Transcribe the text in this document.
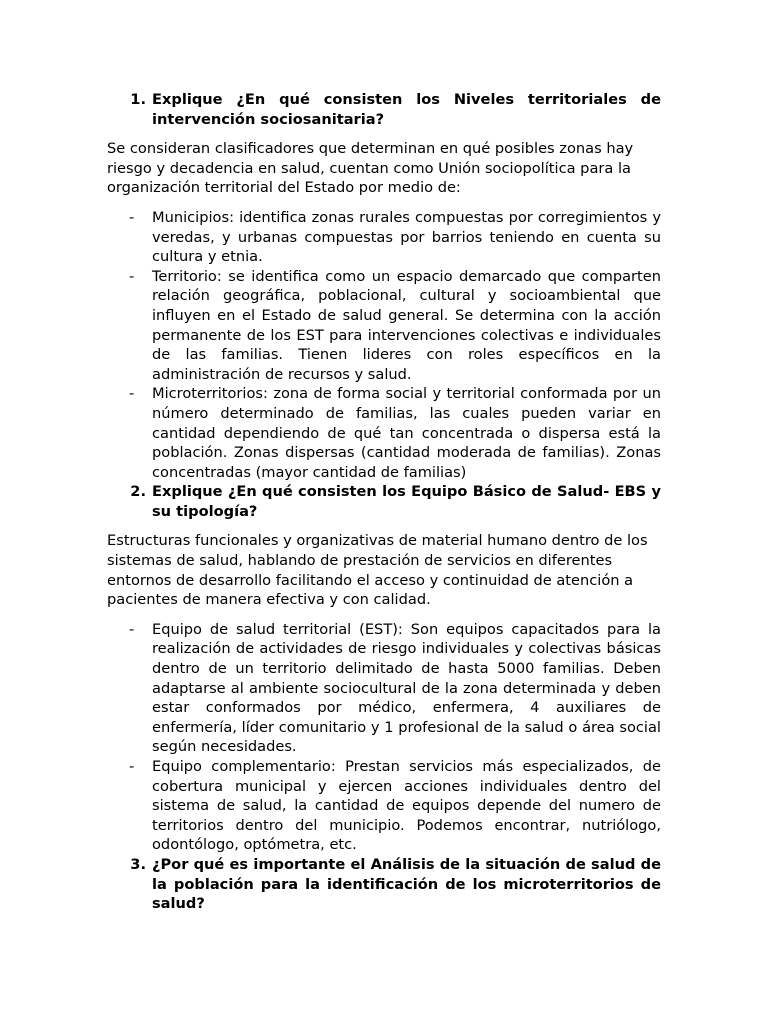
1. Explique ¿En qué consisten los Niveles territoriales de intervención sociosanitaria?

Se consideran clasificadores que determinan en qué posibles zonas hay riesgo y decadencia en salud, cuentan como Unión sociopolítica para la organización territorial del Estado por medio de:

-	Municipios: identifica zonas rurales compuestas por corregimientos y veredas, y urbanas compuestas por barrios teniendo en cuenta su cultura y etnia.
-	Territorio: se identifica como un espacio demarcado que comparten relación geográfica, poblacional, cultural y socioambiental que influyen en el Estado de salud general. Se determina con la acción permanente de los EST para intervenciones colectivas e individuales de las familias. Tienen lideres con roles específicos en la administración de recursos y salud.
-	Microterritorios: zona de forma social y territorial conformada por un número determinado de familias, las cuales pueden variar en cantidad dependiendo de qué tan concentrada o dispersa está la población. Zonas dispersas (cantidad moderada de familias). Zonas concentradas (mayor cantidad de familias)
2. Explique ¿En qué consisten los Equipo Básico de Salud- EBS y su tipología?

Estructuras funcionales y organizativas de material humano dentro de los sistemas de salud, hablando de prestación de servicios en diferentes entornos de desarrollo facilitando el acceso y continuidad de atención a pacientes de manera efectiva y con calidad.

-	Equipo de salud territorial (EST): Son equipos capacitados para la realización de actividades de riesgo individuales y colectivas básicas dentro de un territorio delimitado de hasta 5000 familias. Deben adaptarse al ambiente sociocultural de la zona determinada y deben estar conformados por médico, enfermera, 4 auxiliares de enfermería, líder comunitario y 1 profesional de la salud o área social según necesidades.
-	Equipo complementario: Prestan servicios más especializados, de cobertura municipal y ejercen acciones individuales dentro del sistema de salud, la cantidad de equipos depende del numero de territorios dentro del municipio. Podemos encontrar, nutriólogo, odontólogo, optómetra, etc.
3. ¿Por qué es importante el Análisis de la situación de salud de la población para la identificación de los microterritorios de salud?
